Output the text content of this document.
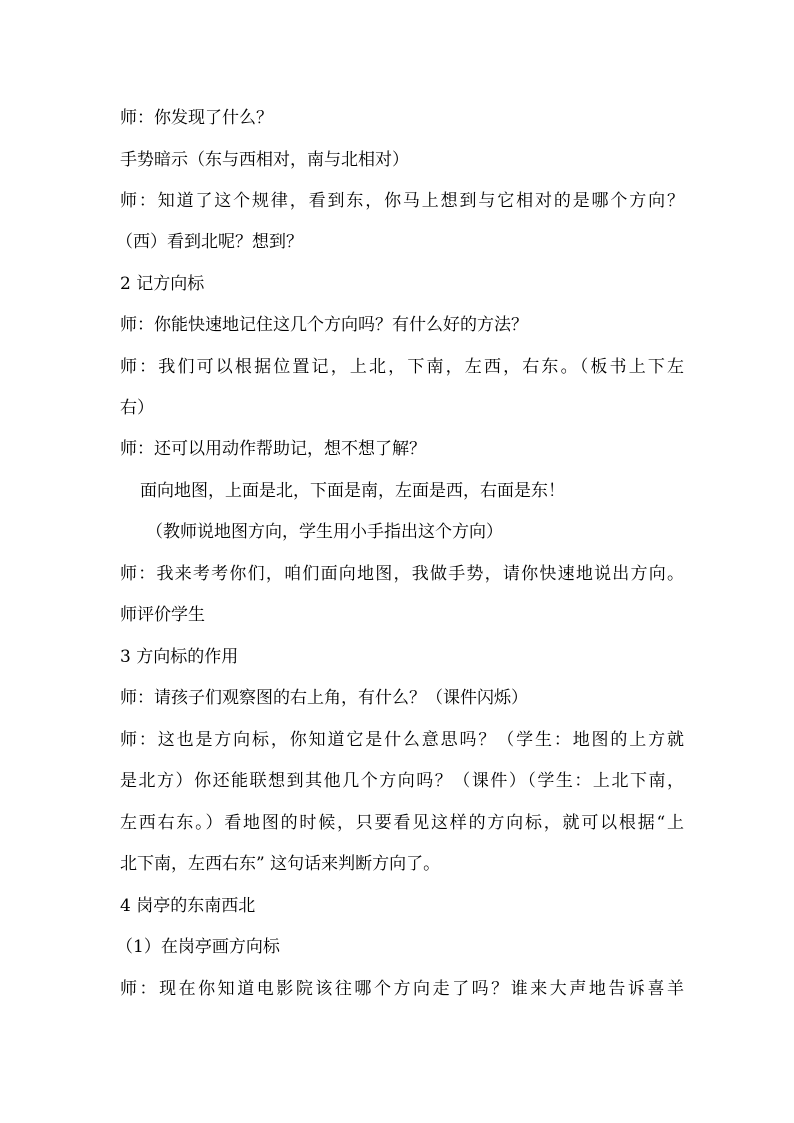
师：你发现了什么？

手势暗示（东与西相对，南与北相对）

师：知道了这个规律，看到东，你马上想到与它相对的是哪个方向？

（西）看到北呢？想到？

2 记方向标

师：你能快速地记住这几个方向吗？有什么好的方法？

师：我们可以根据位置记，上北，下南，左西，右东。（板书上下左

右）

师：还可以用动作帮助记，想不想了解？

面向地图，上面是北，下面是南，左面是西，右面是东！

（教师说地图方向，学生用小手指出这个方向）

师：我来考考你们，咱们面向地图，我做手势，请你快速地说出方向。

师评价学生

3 方向标的作用

师：请孩子们观察图的右上角，有什么？（课件闪烁）

师：这也是方向标，你知道它是什么意思吗？（学生：地图的上方就

是北方）你还能联想到其他几个方向吗？（课件）（学生：上北下南，

左西右东。）看地图的时候，只要看见这样的方向标，就可以根据“上

北下南，左西右东” 这句话来判断方向了。

4 岗亭的东南西北

（1）在岗亭画方向标

师：现在你知道电影院该往哪个方向走了吗？谁来大声地告诉喜羊
